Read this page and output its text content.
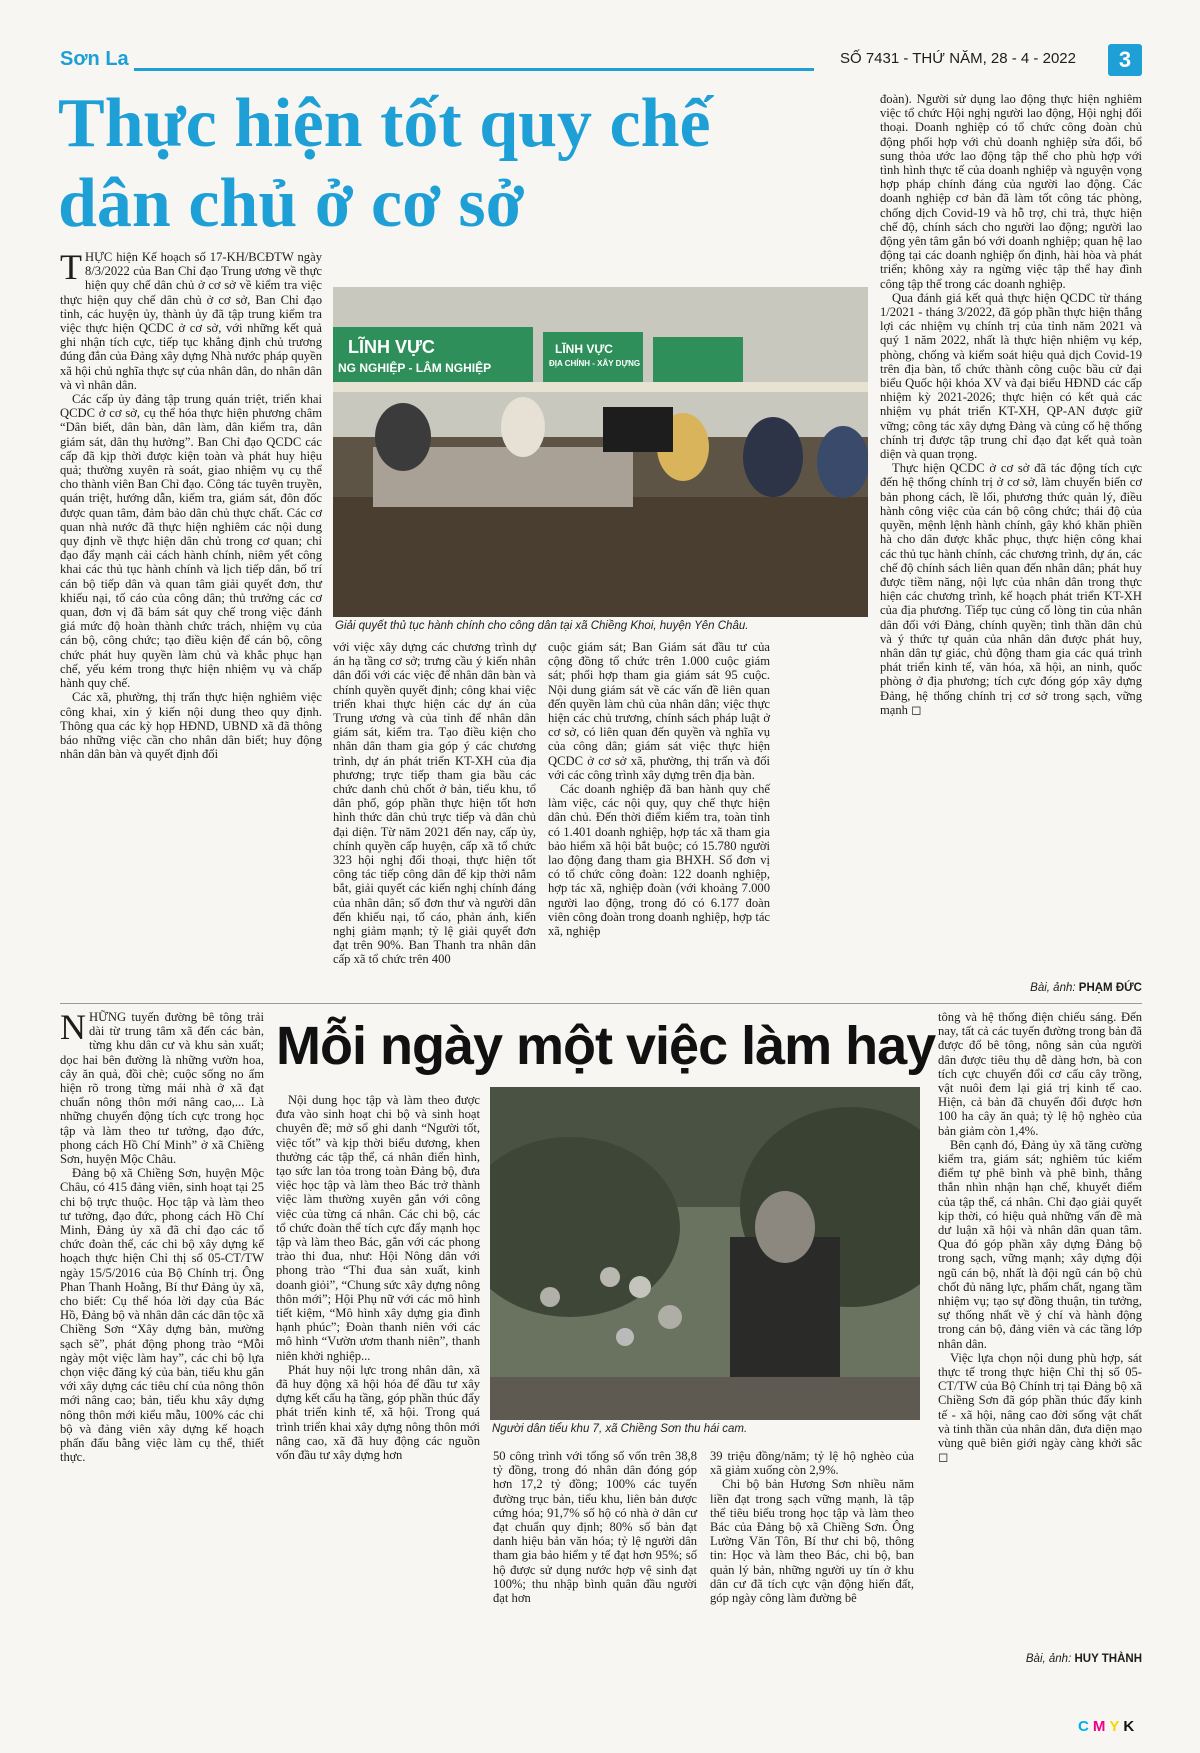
Sơn La	SỐ 7431 - THỨ NĂM, 28 - 4 - 2022	3
Thực hiện tốt quy chế
dân chủ ở cơ sở
LĨNH VỰC
NG NGHIỆP - LÂM NGHIỆP
LĨNH VỰC
ĐỊA CHÍNH - XÂY DỰNG
Giải quyết thủ tục hành chính cho công dân tại xã Chiềng Khoi, huyện Yên Châu.

THỰC hiện Kế hoạch số 17-KH/BCĐTW ngày 8/3/2022 của Ban Chỉ đạo Trung ương về thực hiện quy chế dân chủ ở cơ sở về kiểm tra việc thực hiện quy chế dân chủ ở cơ sở, Ban Chỉ đạo tỉnh, các huyện ủy, thành ủy đã tập trung kiểm tra việc thực hiện QCDC ở cơ sở, với những kết quả ghi nhận tích cực, tiếp tục khẳng định chủ trương đúng đắn của Đảng xây dựng Nhà nước pháp quyền xã hội chủ nghĩa thực sự của nhân dân, do nhân dân và vì nhân dân.

Các cấp ủy đảng tập trung quán triệt, triển khai QCDC ở cơ sở, cụ thể hóa thực hiện phương châm “Dân biết, dân bàn, dân làm, dân kiểm tra, dân giám sát, dân thụ hưởng”. Ban Chỉ đạo QCDC các cấp đã kịp thời được kiện toàn và phát huy hiệu quả; thường xuyên rà soát, giao nhiệm vụ cụ thể cho thành viên Ban Chỉ đạo. Công tác tuyên truyền, quán triệt, hướng dẫn, kiểm tra, giám sát, đôn đốc được quan tâm, đảm bảo dân chủ thực chất. Các cơ quan nhà nước đã thực hiện nghiêm các nội dung quy định về thực hiện dân chủ trong cơ quan; chỉ đạo đẩy mạnh cải cách hành chính, niêm yết công khai các thủ tục hành chính và lịch tiếp dân, bố trí cán bộ tiếp dân và quan tâm giải quyết đơn, thư khiếu nại, tố cáo của công dân; thủ trưởng các cơ quan, đơn vị đã bám sát quy chế trong việc đánh giá mức độ hoàn thành chức trách, nhiệm vụ của cán bộ, công chức; tạo điều kiện để cán bộ, công chức phát huy quyền làm chủ và khắc phục hạn chế, yếu kém trong thực hiện nhiệm vụ và chấp hành quy chế.

Các xã, phường, thị trấn thực hiện nghiêm việc công khai, xin ý kiến nội dung theo quy định. Thông qua các kỳ họp HĐND, UBND xã đã thông báo những việc cần cho nhân dân biết; huy động nhân dân bàn và quyết định đối

với việc xây dựng các chương trình dự án hạ tầng cơ sở; trưng cầu ý kiến nhân dân đối với các việc để nhân dân bàn và chính quyền quyết định; công khai việc triển khai thực hiện các dự án của Trung ương và của tỉnh để nhân dân giám sát, kiểm tra. Tạo điều kiện cho nhân dân tham gia góp ý các chương trình, dự án phát triển KT-XH của địa phương; trực tiếp tham gia bầu các chức danh chủ chốt ở bản, tiểu khu, tổ dân phố, góp phần thực hiện tốt hơn hình thức dân chủ trực tiếp và dân chủ đại diện. Từ năm 2021 đến nay, cấp ủy, chính quyền cấp huyện, cấp xã tổ chức 323 hội nghị đối thoại, thực hiện tốt công tác tiếp công dân để kịp thời nắm bắt, giải quyết các kiến nghị chính đáng của nhân dân; số đơn thư và người dân đến khiếu nại, tố cáo, phản ánh, kiến nghị giảm mạnh; tỷ lệ giải quyết đơn đạt trên 90%. Ban Thanh tra nhân dân cấp xã tổ chức trên 400

cuộc giám sát; Ban Giám sát đầu tư của cộng đồng tổ chức trên 1.000 cuộc giám sát; phối hợp tham gia giám sát 95 cuộc. Nội dung giám sát về các vấn đề liên quan đến quyền làm chủ của nhân dân; việc thực hiện các chủ trương, chính sách pháp luật ở cơ sở, có liên quan đến quyền và nghĩa vụ của công dân; giám sát việc thực hiện QCDC ở cơ sở xã, phường, thị trấn và đối với các công trình xây dựng trên địa bàn.

Các doanh nghiệp đã ban hành quy chế làm việc, các nội quy, quy chế thực hiện dân chủ. Đến thời điểm kiểm tra, toàn tỉnh có 1.401 doanh nghiệp, hợp tác xã tham gia bảo hiểm xã hội bắt buộc; có 15.780 người lao động đang tham gia BHXH. Số đơn vị có tổ chức công đoàn: 122 doanh nghiệp, hợp tác xã, nghiệp đoàn (với khoảng 7.000 người lao động, trong đó có 6.177 đoàn viên công đoàn trong doanh nghiệp, hợp tác xã, nghiệp

đoàn). Người sử dụng lao động thực hiện nghiêm việc tổ chức Hội nghị người lao động, Hội nghị đối thoại. Doanh nghiệp có tổ chức công đoàn chủ động phối hợp với chủ doanh nghiệp sửa đổi, bổ sung thỏa ước lao động tập thể cho phù hợp với tình hình thực tế của doanh nghiệp và nguyện vọng hợp pháp chính đáng của người lao động. Các doanh nghiệp cơ bản đã làm tốt công tác phòng, chống dịch Covid-19 và hỗ trợ, chi trả, thực hiện chế độ, chính sách cho người lao động; người lao động yên tâm gắn bó với doanh nghiệp; quan hệ lao động tại các doanh nghiệp ổn định, hài hòa và phát triển; không xảy ra ngừng việc tập thể hay đình công tập thể trong các doanh nghiệp.

Qua đánh giá kết quả thực hiện QCDC từ tháng 1/2021 - tháng 3/2022, đã góp phần thực hiện thắng lợi các nhiệm vụ chính trị của tỉnh năm 2021 và quý 1 năm 2022, nhất là thực hiện nhiệm vụ kép, phòng, chống và kiểm soát hiệu quả dịch Covid-19 trên địa bàn, tổ chức thành công cuộc bầu cử đại biểu Quốc hội khóa XV và đại biểu HĐND các cấp nhiệm kỳ 2021-2026; thực hiện có kết quả các nhiệm vụ phát triển KT-XH, QP-AN được giữ vững; công tác xây dựng Đảng và củng cố hệ thống chính trị được tập trung chỉ đạo đạt kết quả toàn diện và quan trọng.

Thực hiện QCDC ở cơ sở đã tác động tích cực đến hệ thống chính trị ở cơ sở, làm chuyển biến cơ bản phong cách, lề lối, phương thức quản lý, điều hành công việc của cán bộ công chức; thái độ của quyền, mệnh lệnh hành chính, gây khó khăn phiền hà cho dân được khắc phục, thực hiện công khai các thủ tục hành chính, các chương trình, dự án, các chế độ chính sách liên quan đến nhân dân; phát huy được tiềm năng, nội lực của nhân dân trong thực hiện các chương trình, kế hoạch phát triển KT-XH của địa phương. Tiếp tục củng cố lòng tin của nhân dân đối với Đảng, chính quyền; tình thần dân chủ và ý thức tự quản của nhân dân được phát huy, nhân dân tự giác, chủ động tham gia các quá trình phát triển kinh tế, văn hóa, xã hội, an ninh, quốc phòng ở địa phương; tích cực đóng góp xây dựng Đảng, hệ thống chính trị cơ sở trong sạch, vững mạnh ◻

Bài, ảnh: PHẠM ĐỨC
Mỗi ngày một việc làm hay
Người dân tiểu khu 7, xã Chiềng Sơn thu hái cam.

NHỮNG tuyến đường bê tông trải dài từ trung tâm xã đến các bản, từng khu dân cư và khu sản xuất; dọc hai bên đường là những vườn hoa, cây ăn quả, đồi chè; cuộc sống no ấm hiện rõ trong từng mái nhà ở xã đạt chuẩn nông thôn mới nâng cao,... Là những chuyển động tích cực trong học tập và làm theo tư tưởng, đạo đức, phong cách Hồ Chí Minh” ở xã Chiềng Sơn, huyện Mộc Châu.

Đảng bộ xã Chiềng Sơn, huyện Mộc Châu, có 415 đảng viên, sinh hoạt tại 25 chi bộ trực thuộc. Học tập và làm theo tư tưởng, đạo đức, phong cách Hồ Chí Minh, Đảng ủy xã đã chỉ đạo các tổ chức đoàn thể, các chi bộ xây dựng kế hoạch thực hiện Chỉ thị số 05-CT/TW ngày 15/5/2016 của Bộ Chính trị. Ông Phan Thanh Hoằng, Bí thư Đảng ủy xã, cho biết: Cụ thể hóa lời dạy của Bác Hồ, Đảng bộ và nhân dân các dân tộc xã Chiềng Sơn “Xây dựng bản, mường sạch sẽ”, phát động phong trào “Mỗi ngày một việc làm hay”, các chi bộ lựa chọn việc đăng ký của bản, tiểu khu gắn với xây dựng các tiêu chí của nông thôn mới nâng cao; bản, tiểu khu xây dựng nông thôn mới kiểu mẫu, 100% các chi bộ và đảng viên xây dựng kế hoạch phấn đấu bằng việc làm cụ thể, thiết thực.

Nội dung học tập và làm theo được đưa vào sinh hoạt chi bộ và sinh hoạt chuyên đề; mở sổ ghi danh “Người tốt, việc tốt” và kịp thời biểu dương, khen thưởng các tập thể, cá nhân điển hình, tạo sức lan tỏa trong toàn Đảng bộ, đưa việc học tập và làm theo Bác trở thành việc làm thường xuyên gắn với công việc của từng cá nhân. Các chi bộ, các tổ chức đoàn thể tích cực đẩy mạnh học tập và làm theo Bác, gắn với các phong trào thi đua, như: Hội Nông dân với phong trào “Thi đua sản xuất, kinh doanh giỏi”, “Chung sức xây dựng nông thôn mới”; Hội Phụ nữ với các mô hình tiết kiệm, “Mô hình xây dựng gia đình hạnh phúc”; Đoàn thanh niên với các mô hình “Vườn ươm thanh niên”, thanh niên khởi nghiệp...

Phát huy nội lực trong nhân dân, xã đã huy động xã hội hóa để đầu tư xây dựng kết cấu hạ tầng, góp phần thúc đẩy phát triển kinh tế, xã hội. Trong quá trình triển khai xây dựng nông thôn mới nâng cao, xã đã huy động các nguồn vốn đầu tư xây dựng hơn	50 công trình với tổng số vốn trên 38,8 tỷ đồng, trong đó nhân dân đóng góp hơn 17,2 tỷ đồng; 100% các tuyến đường trục bản, tiểu khu, liên bản được cứng hóa; 91,7% số hộ có nhà ở dân cư đạt chuẩn quy định; 80% số bản đạt danh hiệu bản văn hóa; tỷ lệ người dân tham gia bảo hiểm y tế đạt hơn 95%; số hộ được sử dụng nước hợp vệ sinh đạt 100%; thu nhập bình quân đầu người đạt hơn

39 triệu đồng/năm; tỷ lệ hộ nghèo của xã giảm xuống còn 2,9%.

Chi bộ bản Hương Sơn nhiều năm liền đạt trong sạch vững mạnh, là tập thể tiêu biểu trong học tập và làm theo Bác của Đảng bộ xã Chiềng Sơn. Ông Lường Văn Tôn, Bí thư chi bộ, thông tin: Học và làm theo Bác, chi bộ, ban quản lý bản, những người uy tín ở khu dân cư đã tích cực vận động hiến đất, góp ngày công làm đường bê

tông và hệ thống điện chiếu sáng. Đến nay, tất cả các tuyến đường trong bản đã được đổ bê tông, nông sản của người dân được tiêu thụ dễ dàng hơn, bà con tích cực chuyển đổi cơ cấu cây trồng, vật nuôi đem lại giá trị kinh tế cao. Hiện, cả bản đã chuyển đổi được hơn 100 ha cây ăn quả; tỷ lệ hộ nghèo của bản giảm còn 1,4%.

Bên cạnh đó, Đảng ủy xã tăng cường kiểm tra, giám sát; nghiêm túc kiểm điểm tự phê bình và phê bình, thẳng thắn nhìn nhận hạn chế, khuyết điểm của tập thể, cá nhân. Chỉ đạo giải quyết kịp thời, có hiệu quả những vấn đề mà dư luận xã hội và nhân dân quan tâm. Qua đó góp phần xây dựng Đảng bộ trong sạch, vững mạnh; xây dựng đội ngũ cán bộ, nhất là đội ngũ cán bộ chủ chốt đủ năng lực, phẩm chất, ngang tầm nhiệm vụ; tạo sự đồng thuận, tin tưởng, sự thống nhất về ý chí và hành động trong cán bộ, đảng viên và các tầng lớp nhân dân.

Việc lựa chọn nội dung phù hợp, sát thực tế trong thực hiện Chỉ thị số 05-CT/TW của Bộ Chính trị tại Đảng bộ xã Chiềng Sơn đã góp phần thúc đẩy kinh tế - xã hội, nâng cao đời sống vật chất và tinh thần của nhân dân, đưa diện mạo vùng quê biên giới ngày càng khởi sắc ◻

Bài, ảnh: HUY THÀNH
CMYK
